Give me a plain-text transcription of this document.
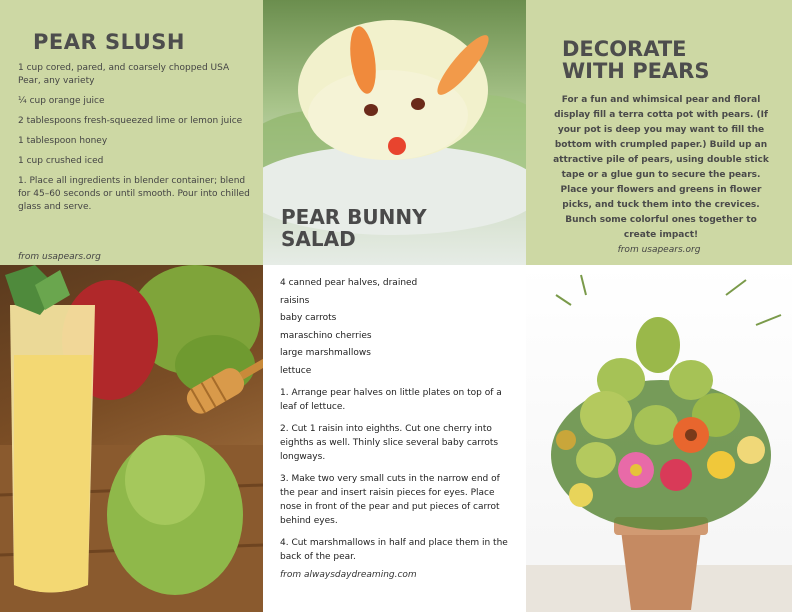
PEAR SLUSH

1 cup cored, pared, and coarsely chopped USA Pear, any variety

¼ cup orange juice

2 tablespoons fresh-squeezed lime or lemon juice

1 tablespoon honey

1 cup crushed iced

1. Place all ingredients in blender container; blend for 45–60 seconds or until smooth. Pour into chilled glass and serve.

from usapears.org
PEAR BUNNY
SALAD
DECORATE
WITH PEARS
For a fun and whimsical pear and floral display fill a terra cotta pot with pears. (If your pot is deep you may want to fill the bottom with crumpled paper.) Build up an attractive pile of pears, using double stick tape or a glue gun to secure the pears. Place your flowers and greens in flower picks, and tuck them into the crevices. Bunch some colorful ones together to create impact!
from usapears.org
4 canned pear halves, drained
raisins
baby carrots
maraschino cherries
large marshmallows
lettuce

1. Arrange pear halves on little plates on top of a leaf of lettuce.

2. Cut 1 raisin into eighths. Cut one cherry into eighths as well. Thinly slice several baby carrots longways.

3. Make two very small cuts in the narrow end of the pear and insert raisin pieces for eyes. Place nose in front of the pear and put pieces of carrot behind eyes.

4. Cut marshmallows in half and place them in the back of the pear.

from alwaysdaydreaming.com
